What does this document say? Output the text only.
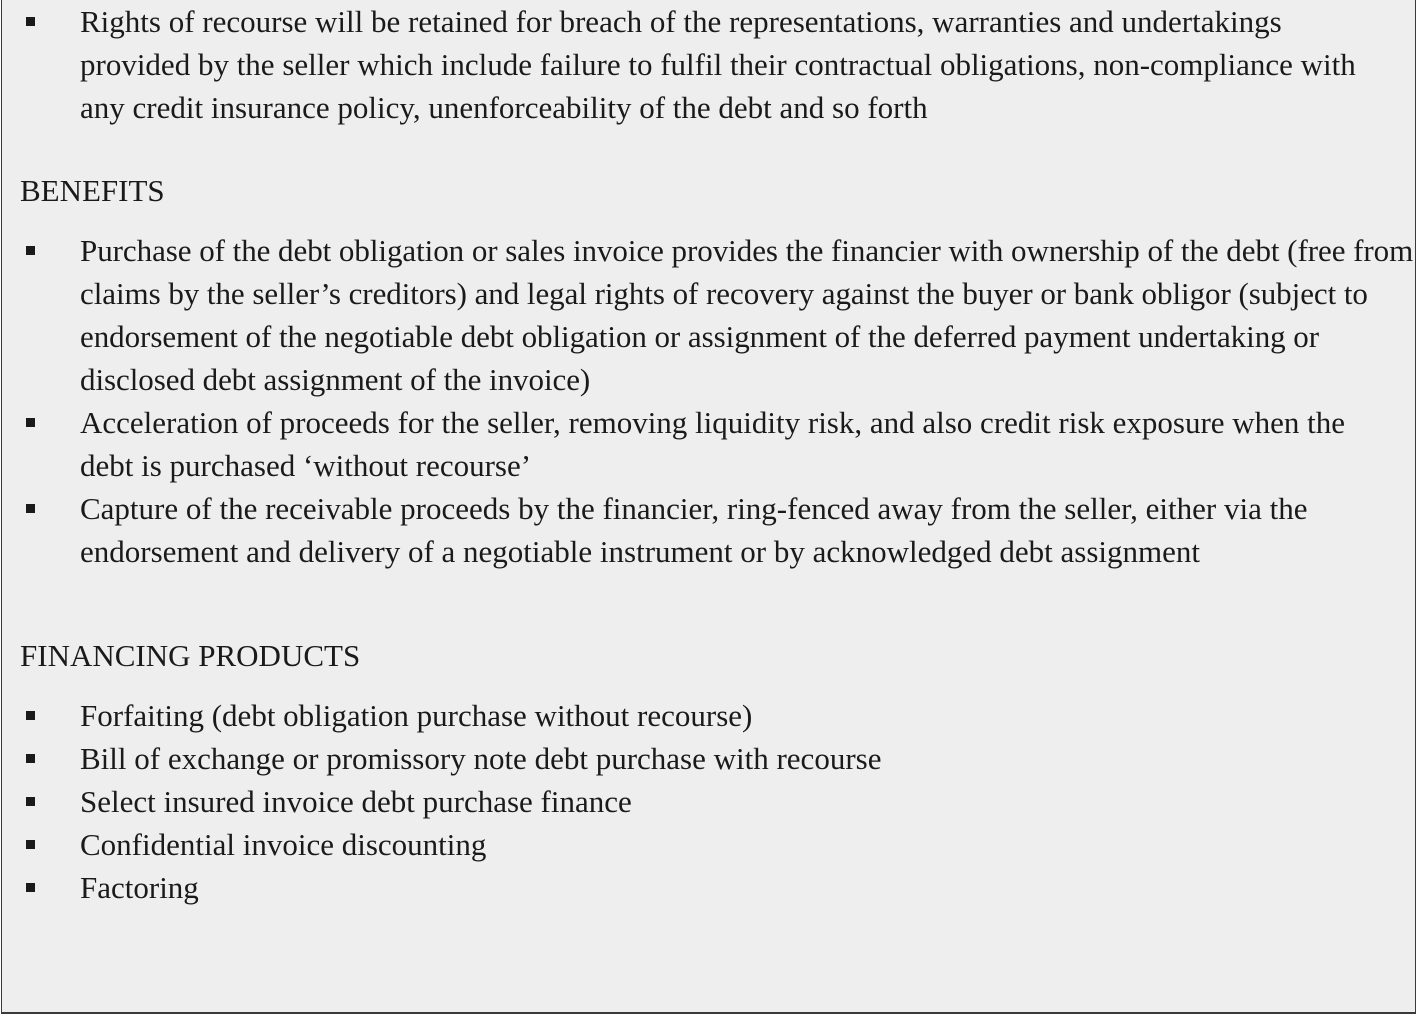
Rights of recourse will be retained for breach of the representations, warranties and undertakings provided by the seller which include failure to fulfil their contractual obligations, non-compliance with any credit insurance policy, unenforceability of the debt and so forth
BENEFITS
Purchase of the debt obligation or sales invoice provides the financier with ownership of the debt (free from claims by the seller’s creditors) and legal rights of recovery against the buyer or bank obligor (subject to endorsement of the negotiable debt obligation or assignment of the deferred payment undertaking or disclosed debt assignment of the invoice)
Acceleration of proceeds for the seller, removing liquidity risk, and also credit risk exposure when the debt is purchased ‘without recourse’
Capture of the receivable proceeds by the financier, ring-fenced away from the seller, either via the endorsement and delivery of a negotiable instrument or by acknowledged debt assignment
FINANCING PRODUCTS
Forfaiting (debt obligation purchase without recourse)
Bill of exchange or promissory note debt purchase with recourse
Select insured invoice debt purchase finance
Confidential invoice discounting
Factoring
